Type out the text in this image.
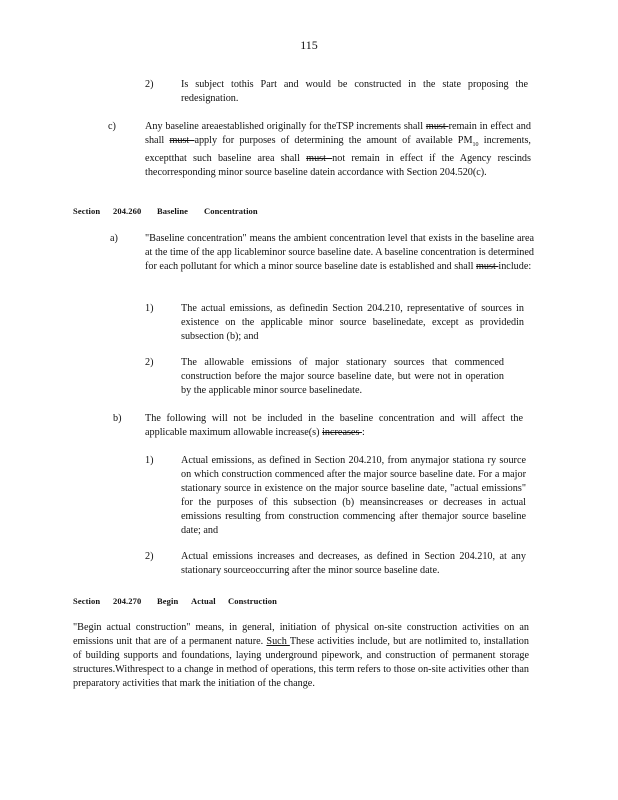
115
2)	Is subject tothis Part and would be constructed in the state proposing the redesignation.
c)	Any baseline areaestablished originally for theTSP increments shall must remain in effect and shall must apply for purposes of determining the amount of available $PM_{10}$ increments, exceptthat such baseline area shall must not remain in effect if the Agency rescinds thecorresponding minor source baseline datein accordance with Section 204.520(c).
Section 204.260 Baseline Concentration
a)	"Baseline concentration" means the ambient concentration level that exists in the baseline area at the time of the app licableminor source baseline date. A baseline concentration is determined for each pollutant for which a minor source baseline date is established and shall must include:
1)	The actual emissions, as definedin Section 204.210, representative of sources in existence on the applicable minor source baselinedate, except as providedin subsection (b); and
2)	The allowable emissions of major stationary sources that commenced construction before the major source baseline date, but were not in operation by the applicable minor source baselinedate.
b) The following will not be included in the baseline concentration and will affect the applicable maximum allowable increase(s) increases :
1)	Actual emissions, as defined in Section 204.210, from anymajor stationa ry source on which construction commenced after the major source baseline date. For a major stationary source in existence on the major source baseline date, "actual emissions" for the purposes of this subsection (b) meansincreases or decreases in actual emissions resulting from construction commencing after themajor source baseline date; and
2)	Actual emissions increases and decreases, as defined in Section 204.210, at any stationary sourceoccurring after the minor source baseline date.
Section 204.270 Begin Actual Construction
"Begin actual construction" means, in general, initiation of physical on-site construction activities on an emissions unit that are of a permanent nature. Such These activities include, but are notlimited to, installation of building supports and foundations, laying underground pipework, and construction of permanent storage structures.Withrespect to a change in method of operations, this term refers to those on-site activities other than preparatory activities that mark the initiation of the change.
